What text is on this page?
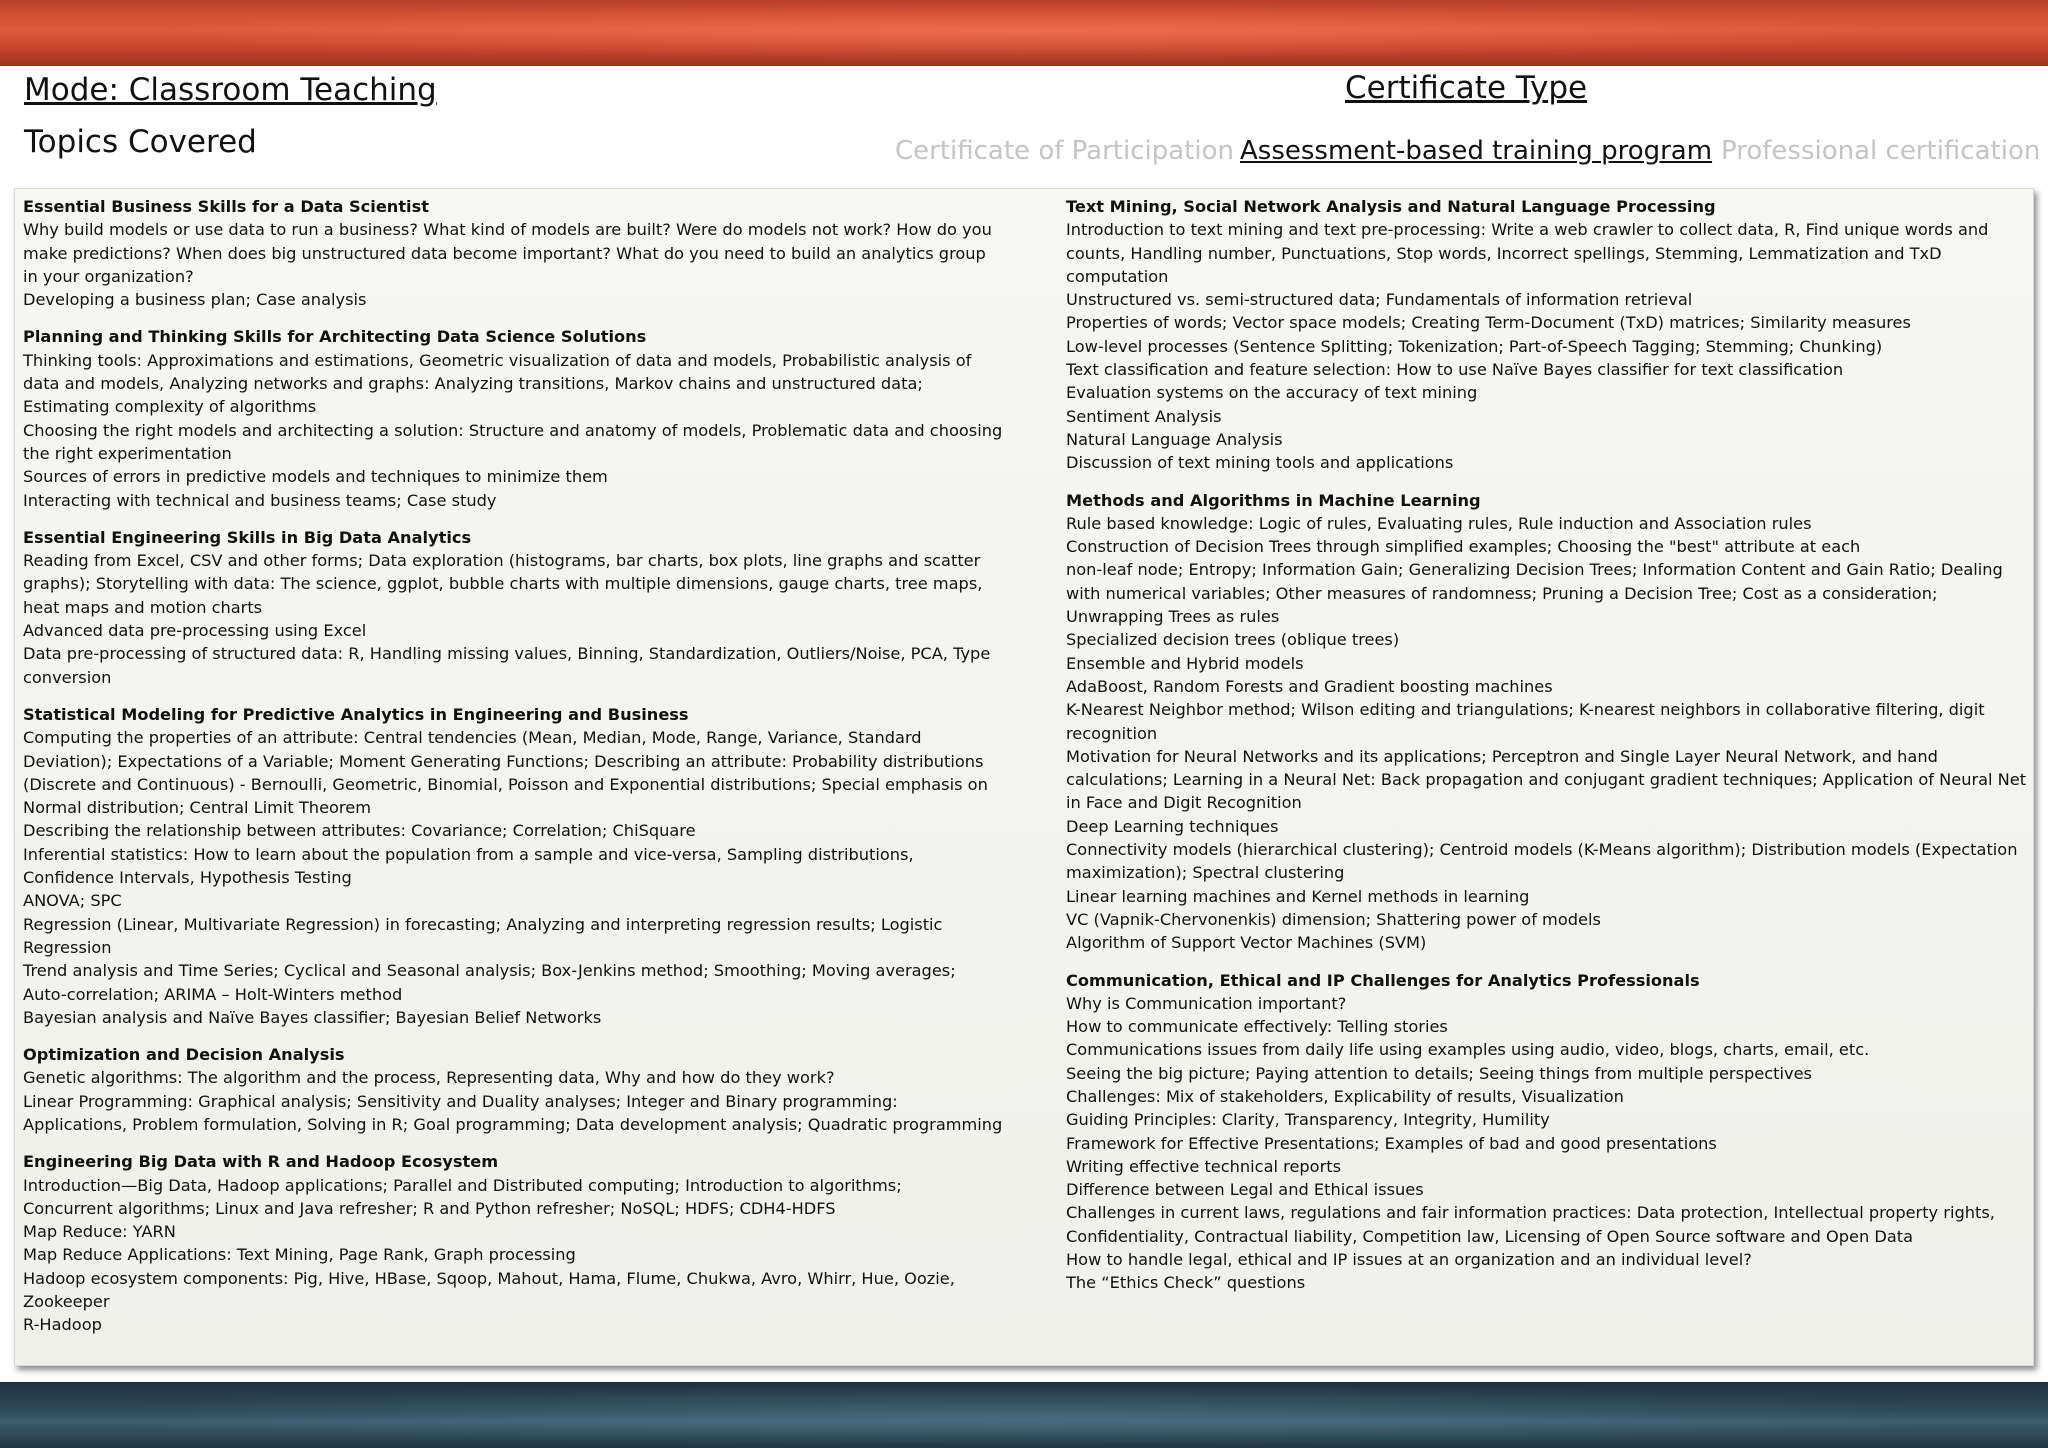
Mode: Classroom Teaching
Topics Covered
Certificate Type
Certificate of Participation Assessment-based training program Professional certification
Essential Business Skills for a Data Scientist
Why build models or use data to run a business? What kind of models are built? Were do models not work? How do you make predictions? When does big unstructured data become important? What do you need to build an analytics group in your organization?
Developing a business plan; Case analysis
Planning and Thinking Skills for Architecting Data Science Solutions
Thinking tools: Approximations and estimations, Geometric visualization of data and models, Probabilistic analysis of data and models, Analyzing networks and graphs: Analyzing transitions, Markov chains and unstructured data; Estimating complexity of algorithms
Choosing the right models and architecting a solution: Structure and anatomy of models, Problematic data and choosing the right experimentation
Sources of errors in predictive models and techniques to minimize them
Interacting with technical and business teams; Case study
Essential Engineering Skills in Big Data Analytics
Reading from Excel, CSV and other forms; Data exploration (histograms, bar charts, box plots, line graphs and scatter graphs); Storytelling with data: The science, ggplot, bubble charts with multiple dimensions, gauge charts, tree maps, heat maps and motion charts
Advanced data pre-processing using Excel
Data pre-processing of structured data: R, Handling missing values, Binning, Standardization, Outliers/Noise, PCA, Type conversion
Statistical Modeling for Predictive Analytics in Engineering and Business
Computing the properties of an attribute: Central tendencies (Mean, Median, Mode, Range, Variance, Standard Deviation); Expectations of a Variable; Moment Generating Functions; Describing an attribute: Probability distributions (Discrete and Continuous) - Bernoulli, Geometric, Binomial, Poisson and Exponential distributions; Special emphasis on Normal distribution; Central Limit Theorem
Describing the relationship between attributes: Covariance; Correlation; ChiSquare
Inferential statistics: How to learn about the population from a sample and vice-versa, Sampling distributions, Confidence Intervals, Hypothesis Testing
ANOVA; SPC
Regression (Linear, Multivariate Regression) in forecasting; Analyzing and interpreting regression results; Logistic Regression
Trend analysis and Time Series; Cyclical and Seasonal analysis; Box-Jenkins method; Smoothing; Moving averages; Auto-correlation; ARIMA – Holt-Winters method
Bayesian analysis and Naïve Bayes classifier; Bayesian Belief Networks
Optimization and Decision Analysis
Genetic algorithms: The algorithm and the process, Representing data, Why and how do they work?
Linear Programming: Graphical analysis; Sensitivity and Duality analyses; Integer and Binary programming: Applications, Problem formulation, Solving in R; Goal programming; Data development analysis; Quadratic programming
Engineering Big Data with R and Hadoop Ecosystem
Introduction—Big Data, Hadoop applications; Parallel and Distributed computing; Introduction to algorithms;
Concurrent algorithms; Linux and Java refresher; R and Python refresher; NoSQL; HDFS; CDH4-HDFS
Map Reduce: YARN
Map Reduce Applications: Text Mining, Page Rank, Graph processing
Hadoop ecosystem components: Pig, Hive, HBase, Sqoop, Mahout, Hama, Flume, Chukwa, Avro, Whirr, Hue, Oozie, Zookeeper
R-Hadoop
Text Mining, Social Network Analysis and Natural Language Processing
Introduction to text mining and text pre-processing: Write a web crawler to collect data, R, Find unique words and counts, Handling number, Punctuations, Stop words, Incorrect spellings, Stemming, Lemmatization and TxD computation
Unstructured vs. semi-structured data; Fundamentals of information retrieval
Properties of words; Vector space models; Creating Term-Document (TxD) matrices; Similarity measures
Low-level processes (Sentence Splitting; Tokenization; Part-of-Speech Tagging; Stemming; Chunking)
Text classification and feature selection: How to use Naïve Bayes classifier for text classification
Evaluation systems on the accuracy of text mining
Sentiment Analysis
Natural Language Analysis
Discussion of text mining tools and applications
Methods and Algorithms in Machine Learning
Rule based knowledge: Logic of rules, Evaluating rules, Rule induction and Association rules
Construction of Decision Trees through simplified examples; Choosing the "best" attribute at each
non-leaf node; Entropy; Information Gain; Generalizing Decision Trees; Information Content and Gain Ratio; Dealing with numerical variables; Other measures of randomness; Pruning a Decision Tree; Cost as a consideration; Unwrapping Trees as rules
Specialized decision trees (oblique trees)
Ensemble and Hybrid models
AdaBoost, Random Forests and Gradient boosting machines
K-Nearest Neighbor method; Wilson editing and triangulations; K-nearest neighbors in collaborative filtering, digit recognition
Motivation for Neural Networks and its applications; Perceptron and Single Layer Neural Network, and hand calculations; Learning in a Neural Net: Back propagation and conjugant gradient techniques; Application of Neural Net in Face and Digit Recognition
Deep Learning techniques
Connectivity models (hierarchical clustering); Centroid models (K-Means algorithm); Distribution models (Expectation maximization); Spectral clustering
Linear learning machines and Kernel methods in learning
VC (Vapnik-Chervonenkis) dimension; Shattering power of models
Algorithm of Support Vector Machines (SVM)
Communication, Ethical and IP Challenges for Analytics Professionals
Why is Communication important?
How to communicate effectively: Telling stories
Communications issues from daily life using examples using audio, video, blogs, charts, email, etc.
Seeing the big picture; Paying attention to details; Seeing things from multiple perspectives
Challenges: Mix of stakeholders, Explicability of results, Visualization
Guiding Principles: Clarity, Transparency, Integrity, Humility
Framework for Effective Presentations; Examples of bad and good presentations
Writing effective technical reports
Difference between Legal and Ethical issues
Challenges in current laws, regulations and fair information practices: Data protection, Intellectual property rights, Confidentiality, Contractual liability, Competition law, Licensing of Open Source software and Open Data
How to handle legal, ethical and IP issues at an organization and an individual level?
The “Ethics Check” questions
